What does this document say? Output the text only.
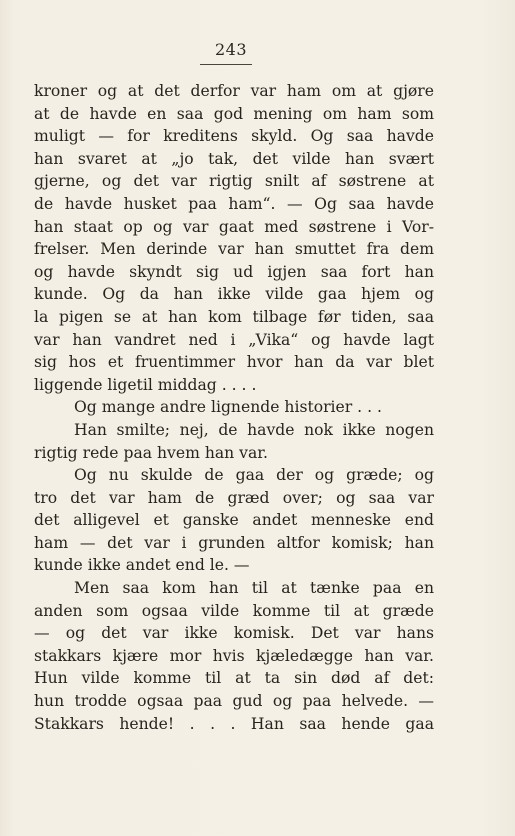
243
kroner og at det derfor var ham om at gjøre
at de havde en saa god mening om ham som
muligt — for kreditens skyld. Og saa havde
han svaret at „jo tak, det vilde han svært
gjerne, og det var rigtig snilt af søstrene at
de havde husket paa ham“. — Og saa havde
han staat op og var gaat med søstrene i Vor-
frelser. Men derinde var han smuttet fra dem
og havde skyndt sig ud igjen saa fort han
kunde. Og da han ikke vilde gaa hjem og
la pigen se at han kom tilbage før tiden, saa
var han vandret ned i „Vika“ og havde lagt
sig hos et fruentimmer hvor han da var blet
liggende ligetil middag . . . .
Og mange andre lignende historier . . .
Han smilte; nej, de havde nok ikke nogen
rigtig rede paa hvem han var.
Og nu skulde de gaa der og græde; og
tro det var ham de græd over; og saa var
det alligevel et ganske andet menneske end
ham — det var i grunden altfor komisk; han
kunde ikke andet end le. —
Men saa kom han til at tænke paa en
anden som ogsaa vilde komme til at græde
— og det var ikke komisk. Det var hans
stakkars kjære mor hvis kjæledægge han var.
Hun vilde komme til at ta sin død af det:
hun trodde ogsaa paa gud og paa helvede. —
Stakkars hende! . . . Han saa hende gaa
